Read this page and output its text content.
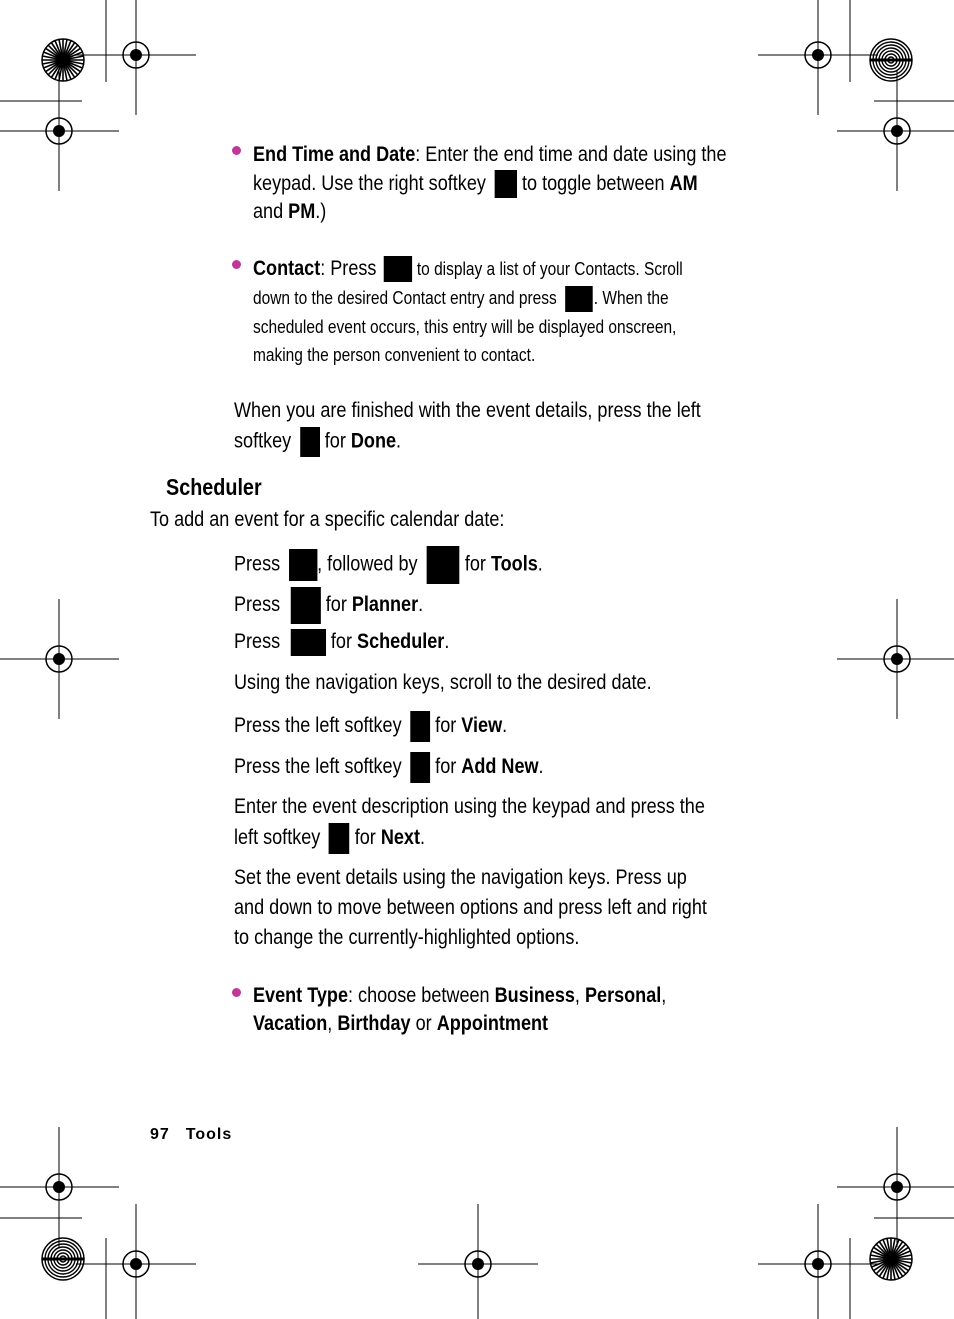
End Time and Date: Enter the end time and date using the
keypad. Use the right softkey to toggle between AM
and PM.)
Contact: Press to display a list of your Contacts. Scroll
down to the desired Contact entry and press . When the
scheduled event occurs, this entry will be displayed onscreen,
making the person convenient to contact.
When you are finished with the event details, press the left
softkey for Done.
Scheduler
To add an event for a specific calendar date:
Press , followed by for Tools.
Press for Planner.
Press for Scheduler.
Using the navigation keys, scroll to the desired date.
Press the left softkey for View.
Press the left softkey for Add New.
Enter the event description using the keypad and press the
left softkey for Next.
Set the event details using the navigation keys. Press up
and down to move between options and press left and right
to change the currently-highlighted options.
Event Type: choose between Business, Personal,
Vacation, Birthday or Appointment
97 Tools
